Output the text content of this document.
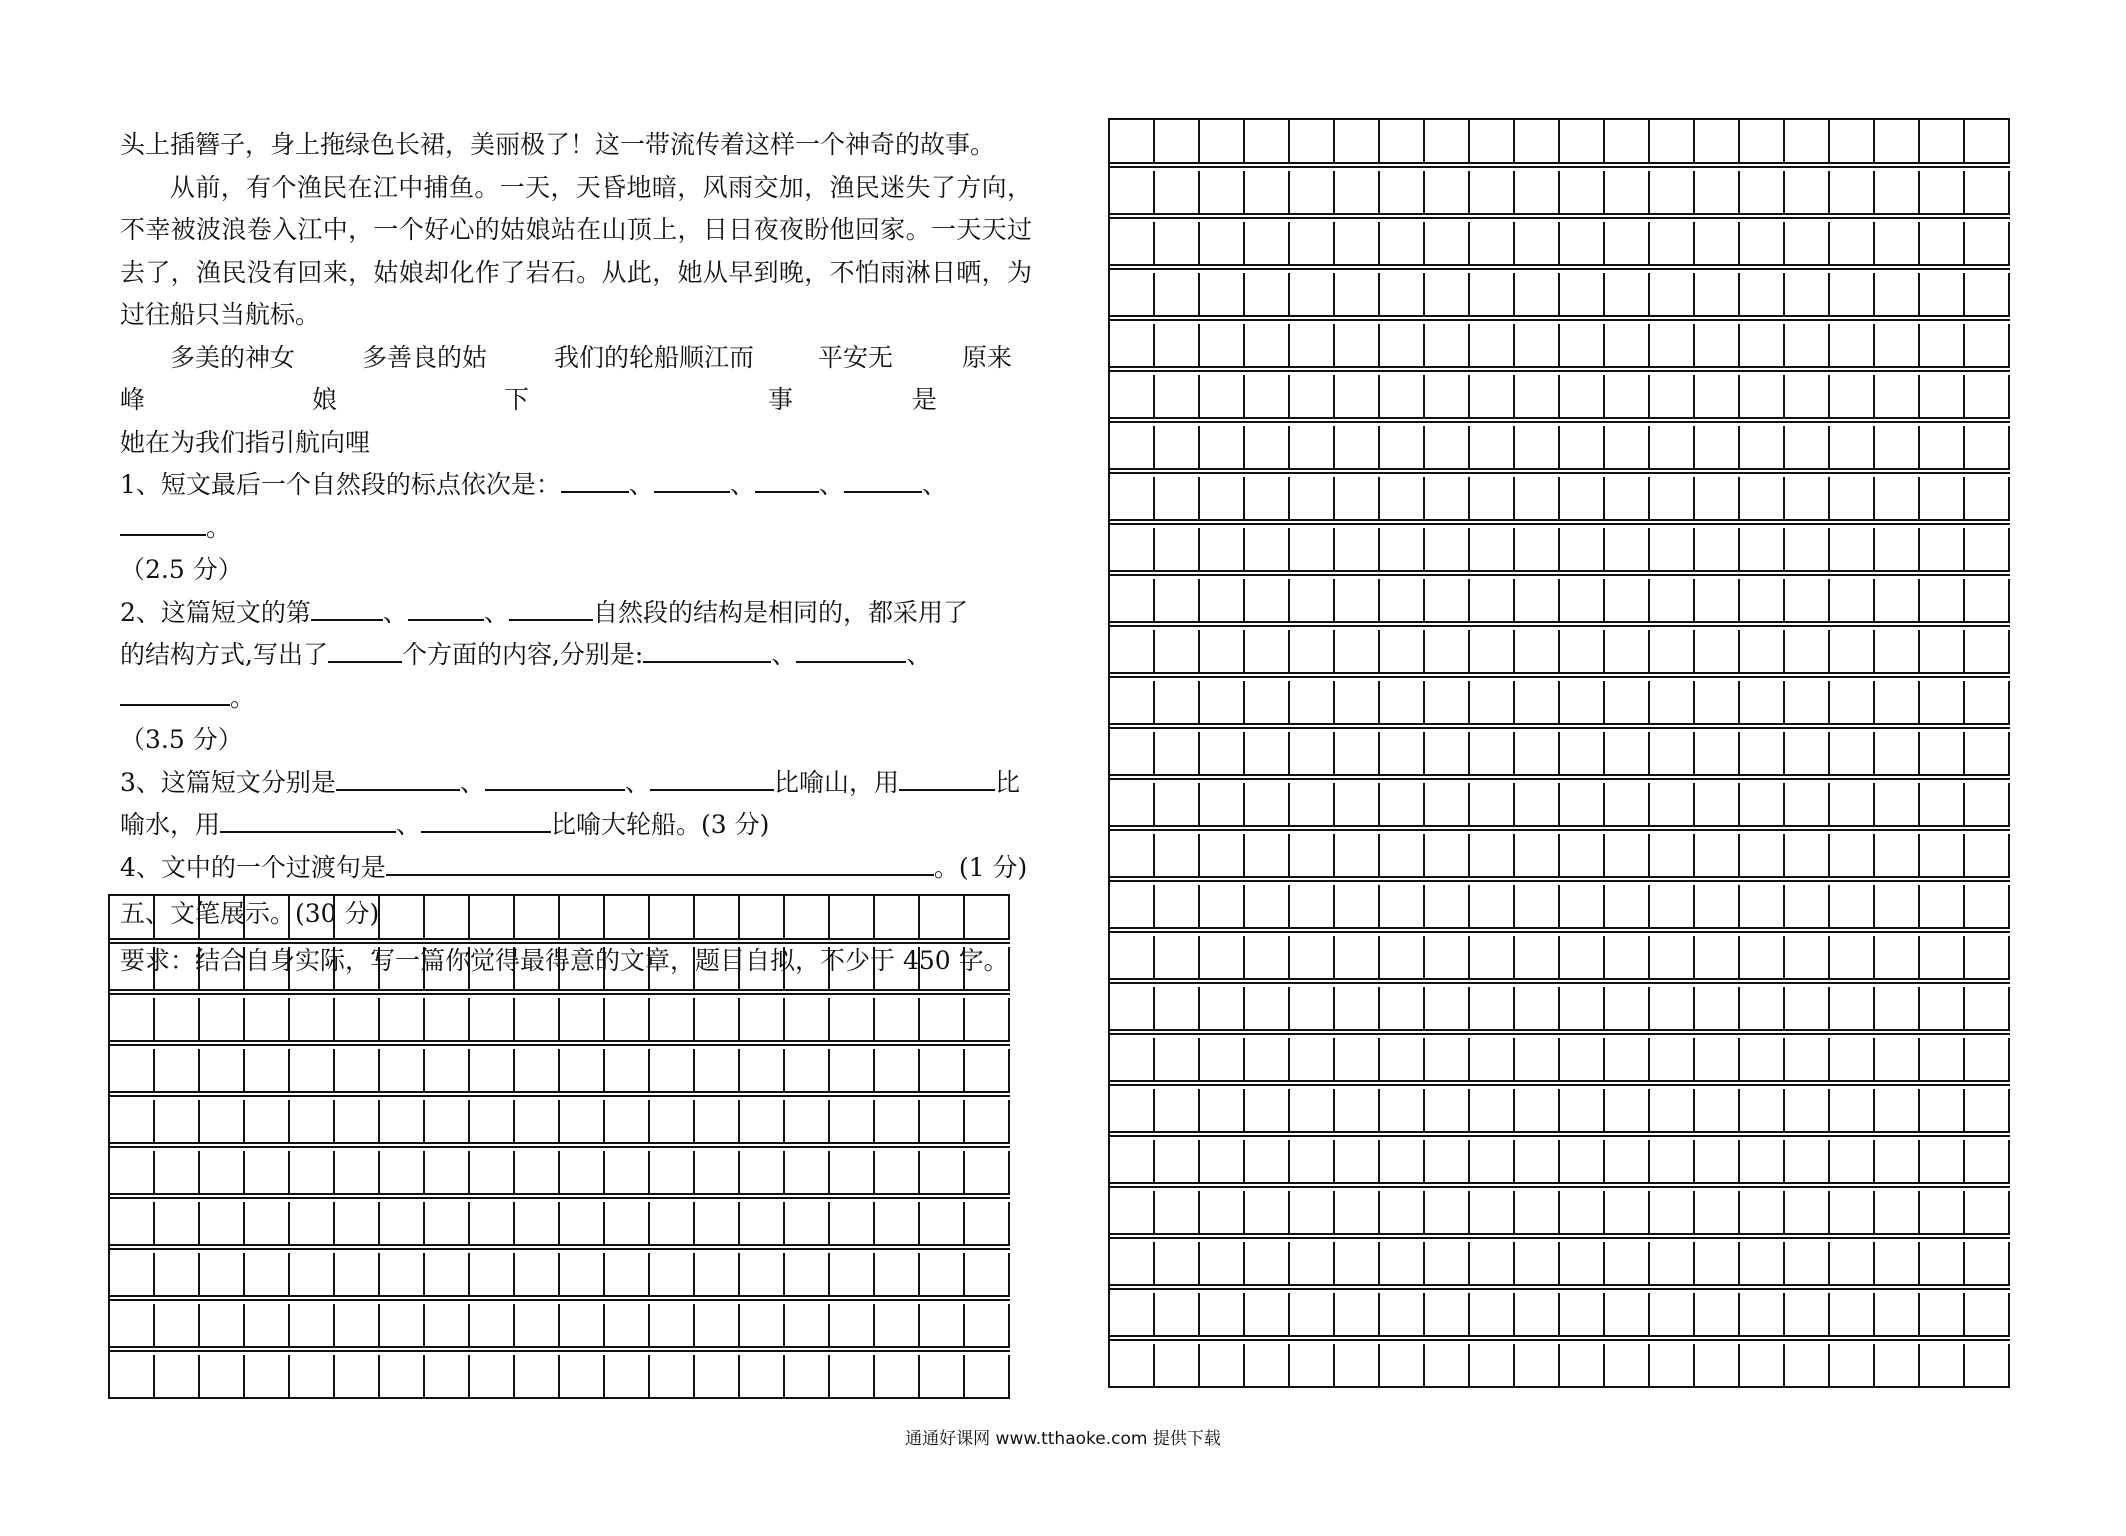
头上插簪子，身上拖绿色长裙，美丽极了！这一带流传着这样一个神奇的故事。

从前，有个渔民在江中捕鱼。一天，天昏地暗，风雨交加，渔民迷失了方向，

不幸被波浪卷入江中，一个好心的姑娘站在山顶上，日日夜夜盼他回家。一天天过

去了，渔民没有回来，姑娘却化作了岩石。从此，她从早到晚，不怕雨淋日晒，为

过往船只当航标。

多美的神女峰
多善良的姑娘
我们的轮船顺江而下
平安无事
原来是

她在为我们指引航向哩

1、短文最后一个自然段的标点依次是：	、	、	、	、。

（2.5 分）

2、这篇短文的第	、	、	自然段的结构是相同的，都采用了

的结构方式,写出了	个方面的内容,分别是:	、	、。

（3.5 分）

3、这篇短文分别是	、	、	比喻山，用	比

喻水，用	、	比喻大轮船。(3 分)

4、文中的一个过渡句是	。(1 分)

五、文笔展示。(30 分)

要求：结合自身实际，写一篇你觉得最得意的文章，题目自拟，不少于 450 字。

通通好课网 www.tthaoke.com 提供下载
